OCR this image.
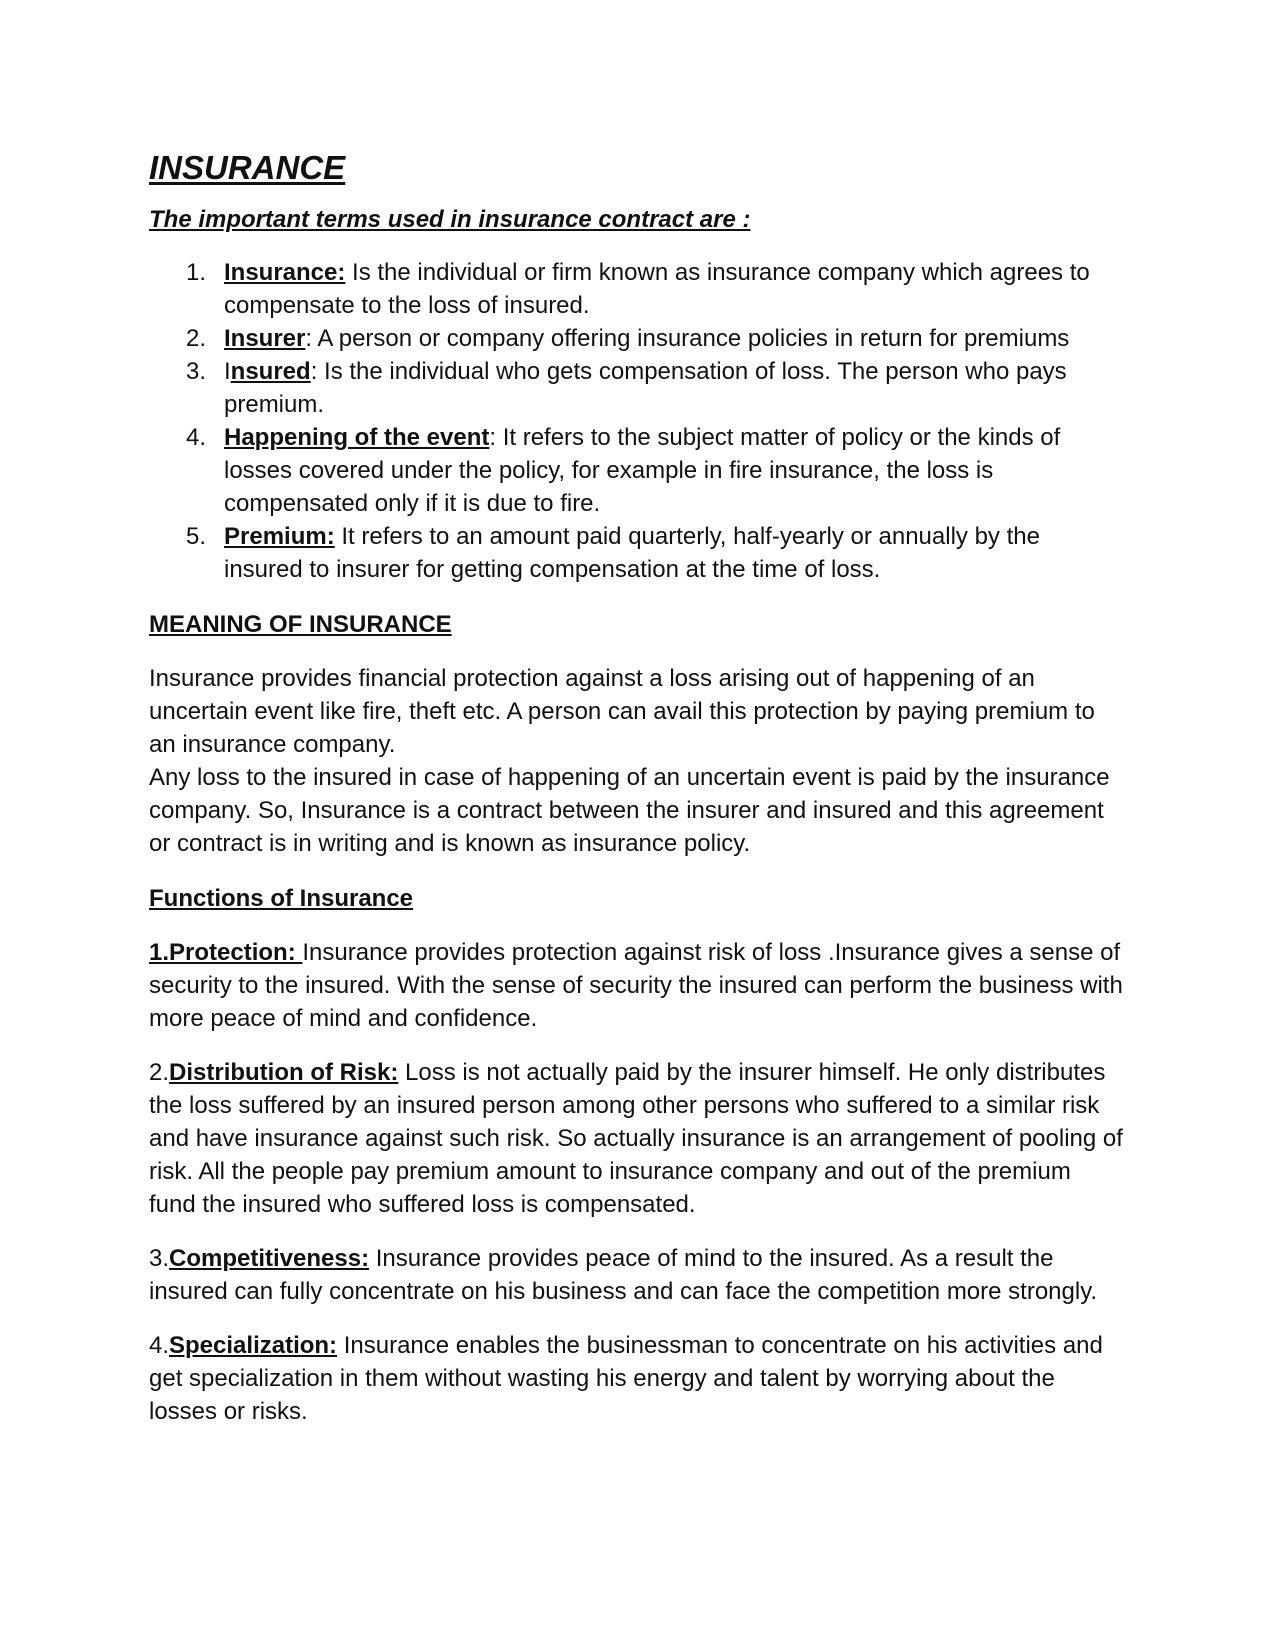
INSURANCE

The important terms used in insurance contract are :

1. Insurance: Is the individual or firm known as insurance company which agrees to compensate to the loss of insured.
2. Insurer: A person or company offering insurance policies in return for premiums
3. Insured: Is the individual who gets compensation of loss. The person who pays premium.
4. Happening of the event: It refers to the subject matter of policy or the kinds of losses covered under the policy, for example in fire insurance, the loss is compensated only if it is due to fire.
5. Premium: It refers to an amount paid quarterly, half-yearly or annually by the insured to insurer for getting compensation at the time of loss.
MEANING OF INSURANCE

Insurance provides financial protection against a loss arising out of happening of an uncertain event like fire, theft etc. A person can avail this protection by paying premium to an insurance company.

Any loss to the insured in case of happening of an uncertain event is paid by the insurance company. So, Insurance is a contract between the insurer and insured and this agreement or contract is in writing and is known as insurance policy.

Functions of Insurance

1.Protection: Insurance provides protection against risk of loss .Insurance gives a sense of security to the insured. With the sense of security the insured can perform the business with more peace of mind and confidence.

2.Distribution of Risk: Loss is not actually paid by the insurer himself. He only distributes the loss suffered by an insured person among other persons who suffered to a similar risk and have insurance against such risk. So actually insurance is an arrangement of pooling of risk. All the people pay premium amount to insurance company and out of the premium fund the insured who suffered loss is compensated.

3.Competitiveness: Insurance provides peace of mind to the insured. As a result the insured can fully concentrate on his business and can face the competition more strongly.

4.Specialization: Insurance enables the businessman to concentrate on his activities and get specialization in them without wasting his energy and talent by worrying about the losses or risks.
